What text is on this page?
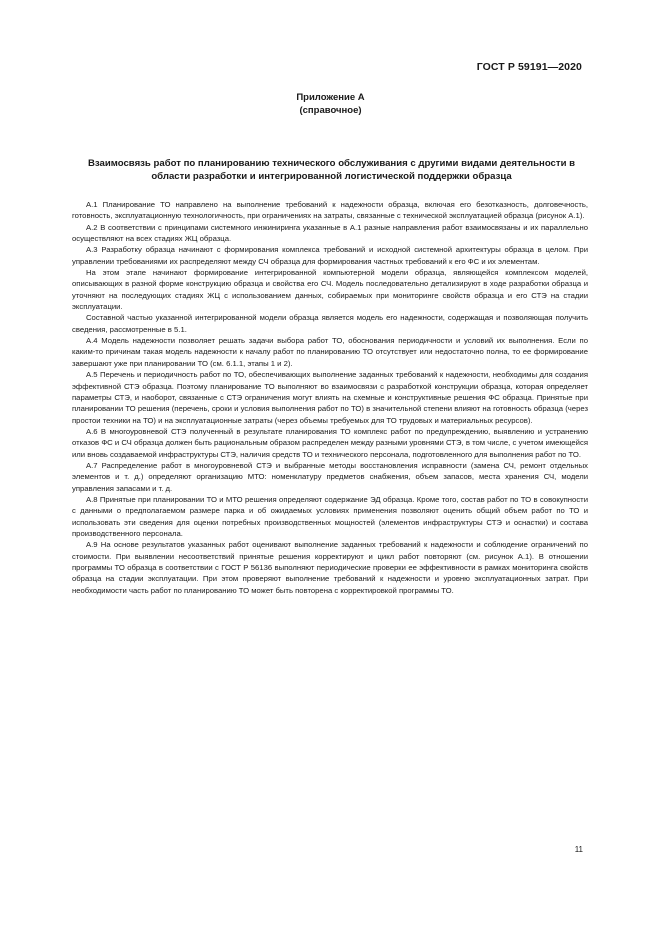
ГОСТ Р 59191—2020
Приложение А
(справочное)
Взаимосвязь работ по планированию технического обслуживания с другими видами деятельности в области разработки и интегрированной логистической поддержки образца

А.1 Планирование ТО направлено на выполнение требований к надежности образца, включая его безотказность, долговечность, готовность, эксплуатационную технологичность, при ограничениях на затраты, связанные с технической эксплуатацией образца (рисунок А.1).

А.2 В соответствии с принципами системного инжиниринга указанные в А.1 разные направления работ взаимосвязаны и их параллельно осуществляют на всех стадиях ЖЦ образца.

А.3 Разработку образца начинают с формирования комплекса требований и исходной системной архитектуры образца в целом. При управлении требованиями их распределяют между СЧ образца для формирования частных требований к его ФС и их элементам.

На этом этапе начинают формирование интегрированной компьютерной модели образца, являющейся комплексом моделей, описывающих в разной форме конструкцию образца и свойства его СЧ. Модель последовательно детализируют в ходе разработки образца и уточняют на последующих стадиях ЖЦ с использованием данных, собираемых при мониторинге свойств образца и его СТЭ на стадии эксплуатации.

Составной частью указанной интегрированной модели образца является модель его надежности, содержащая и позволяющая получить сведения, рассмотренные в 5.1.

А.4 Модель надежности позволяет решать задачи выбора работ ТО, обоснования периодичности и условий их выполнения. Если по каким-то причинам такая модель надежности к началу работ по планированию ТО отсутствует или недостаточно полна, то ее формирование завершают уже при планировании ТО (см. 6.1.1, этапы 1 и 2).

А.5 Перечень и периодичность работ по ТО, обеспечивающих выполнение заданных требований к надежности, необходимы для создания эффективной СТЭ образца. Поэтому планирование ТО выполняют во взаимосвязи с разработкой конструкции образца, которая определяет параметры СТЭ, и наоборот, связанные с СТЭ ограничения могут влиять на схемные и конструктивные решения ФС образца. Принятые при планировании ТО решения (перечень, сроки и условия выполнения работ по ТО) в значительной степени влияют на готовность образца (через простои техники на ТО) и на эксплуатационные затраты (через объемы требуемых для ТО трудовых и материальных ресурсов).

А.6 В многоуровневой СТЭ полученный в результате планирования ТО комплекс работ по предупреждению, выявлению и устранению отказов ФС и СЧ образца должен быть рациональным образом распределен между разными уровнями СТЭ, в том числе, с учетом имеющейся или вновь создаваемой инфраструктуры СТЭ, наличия средств ТО и технического персонала, подготовленного для выполнения работ по ТО.

А.7 Распределение работ в многоуровневой СТЭ и выбранные методы восстановления исправности (замена СЧ, ремонт отдельных элементов и т. д.) определяют организацию МТО: номенклатуру предметов снабжения, объем запасов, места хранения СЧ, модели управления запасами и т. д.

А.8 Принятые при планировании ТО и МТО решения определяют содержание ЭД образца. Кроме того, состав работ по ТО в совокупности с данными о предполагаемом размере парка и об ожидаемых условиях применения позволяют оценить общий объем работ по ТО и использовать эти сведения для оценки потребных производственных мощностей (элементов инфраструктуры СТЭ и оснастки) и состава производственного персонала.

А.9 На основе результатов указанных работ оценивают выполнение заданных требований к надежности и соблюдение ограничений по стоимости. При выявлении несоответствий принятые решения корректируют и цикл работ повторяют (см. рисунок А.1). В отношении программы ТО образца в соответствии с ГОСТ Р 56136 выполняют периодические проверки ее эффективности в рамках мониторинга свойств образца на стадии эксплуатации. При этом проверяют выполнение требований к надежности и уровню эксплуатационных затрат. При необходимости часть работ по планированию ТО может быть повторена с корректировкой программы ТО.

11
